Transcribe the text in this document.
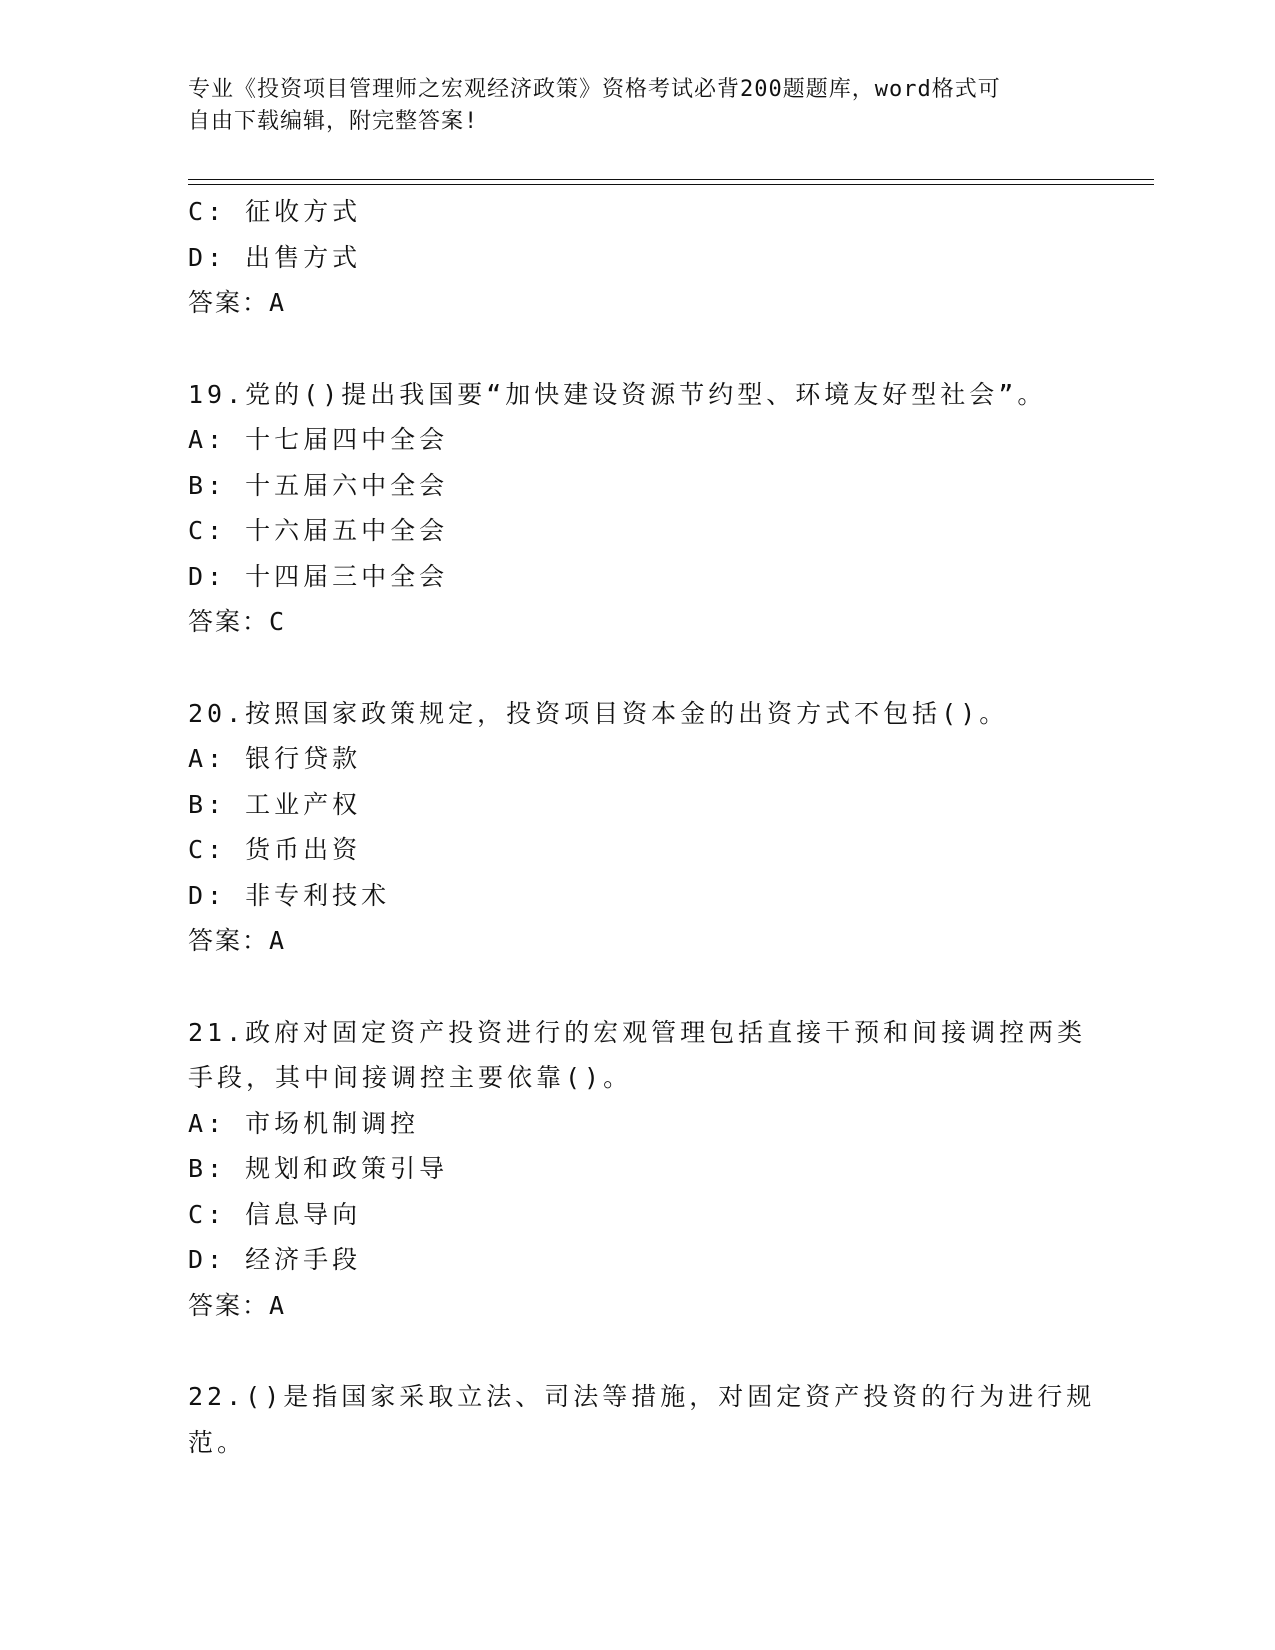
专业《投资项目管理师之宏观经济政策》资格考试必背200题题库，word格式可
自由下载编辑，附完整答案!
C: 征收方式
D: 出售方式
答案：A
19.党的()提出我国要“加快建设资源节约型、环境友好型社会”。
A: 十七届四中全会
B: 十五届六中全会
C: 十六届五中全会
D: 十四届三中全会
答案：C
20.按照国家政策规定，投资项目资本金的出资方式不包括()。
A: 银行贷款
B: 工业产权
C: 货币出资
D: 非专利技术
答案：A
21.政府对固定资产投资进行的宏观管理包括直接干预和间接调控两类
手段，其中间接调控主要依靠()。
A: 市场机制调控
B: 规划和政策引导
C: 信息导向
D: 经济手段
答案：A
22.()是指国家采取立法、司法等措施，对固定资产投资的行为进行规
范。
